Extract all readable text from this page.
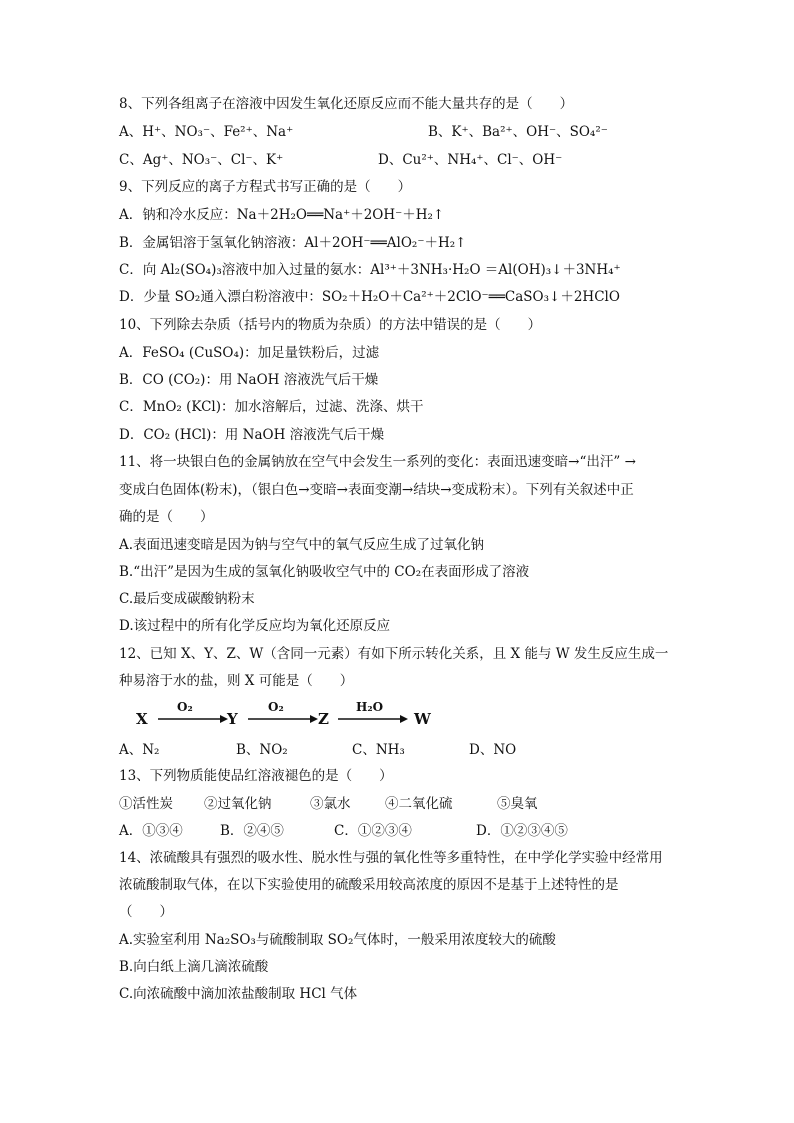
8、下列各组离子在溶液中因发生氧化还原反应而不能大量共存的是（　　）
A、H⁺、NO₃⁻、Fe²⁺、Na⁺	B、K⁺、Ba²⁺、OH⁻、SO₄²⁻
C、Ag⁺、NO₃⁻、Cl⁻、K⁺	D、Cu²⁺、NH₄⁺、Cl⁻、OH⁻
9、下列反应的离子方程式书写正确的是（　　）
A．钠和冷水反应：Na＋2H₂O══Na⁺＋2OH⁻＋H₂↑
B．金属铝溶于氢氧化钠溶液：Al＋2OH⁻══AlO₂⁻＋H₂↑
C．向 Al₂(SO₄)₃溶液中加入过量的氨水：Al³⁺＋3NH₃·H₂O ＝Al(OH)₃↓＋3NH₄⁺
D．少量 SO₂通入漂白粉溶液中：SO₂＋H₂O＋Ca²⁺＋2ClO⁻══CaSO₃↓＋2HClO
10、下列除去杂质（括号内的物质为杂质）的方法中错误的是（　　）
A．FeSO₄ (CuSO₄)：加足量铁粉后，过滤
B．CO (CO₂)：用 NaOH 溶液洗气后干燥
C．MnO₂ (KCl)：加水溶解后，过滤、洗涤、烘干
D．CO₂ (HCl)：用 NaOH 溶液洗气后干燥
11、将一块银白色的金属钠放在空气中会发生一系列的变化：表面迅速变暗→“出汗” →
变成白色固体(粉末)，（银白色→变暗→表面变潮→结块→变成粉末）。下列有关叙述中正
确的是（　　）
A.表面迅速变暗是因为钠与空气中的氧气反应生成了过氧化钠
B.“出汗”是因为生成的氢氧化钠吸收空气中的 CO₂在表面形成了溶液
C.最后变成碳酸钠粉末
D.该过程中的所有化学反应均为氧化还原反应
12、已知 X、Y、Z、W（含同一元素）有如下所示转化关系，且 X 能与 W 发生反应生成一
种易溶于水的盐，则 X 可能是（　　）
X
O₂
Y
O₂
Z
H₂O
W
A、N₂	B、NO₂	C、NH₃	D、NO
13、下列物质能使品红溶液褪色的是（　　）
①活性炭 ②过氧化钠	③氯水	④二氧化硫	⑤臭氧
A．①③④	B．②④⑤	C．①②③④	D．①②③④⑤
14、浓硫酸具有强烈的吸水性、脱水性与强的氧化性等多重特性，在中学化学实验中经常用
浓硫酸制取气体，在以下实验使用的硫酸采用较高浓度的原因不是基于上述特性的是
（　　）
A.实验室利用 Na₂SO₃与硫酸制取 SO₂气体时，一般采用浓度较大的硫酸
B.向白纸上滴几滴浓硫酸
C.向浓硫酸中滴加浓盐酸制取 HCl 气体
